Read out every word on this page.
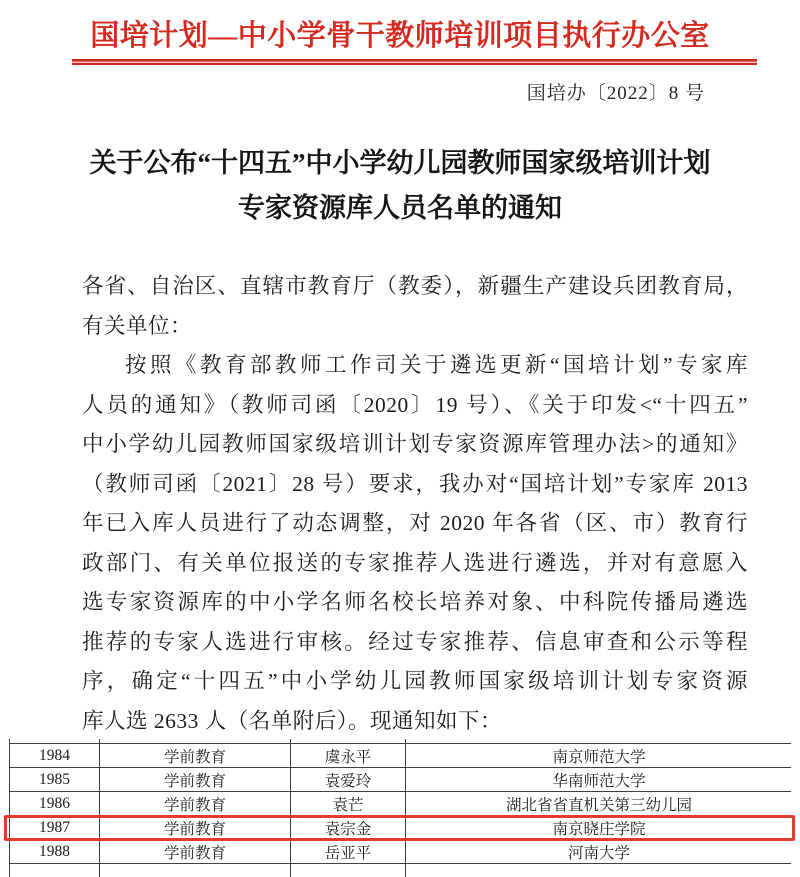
国培计划—中小学骨干教师培训项目执行办公室
国培办〔2022〕8 号
关于公布“十四五”中小学幼儿园教师国家级培训计划
专家资源库人员名单的通知
各省、自治区、直辖市教育厅（教委），新疆生产建设兵团教育局，
有关单位：
按照《教育部教师工作司关于遴选更新“国培计划”专家库
人员的通知》（教师司函〔2020〕19 号）、《关于印发<“十四五”
中小学幼儿园教师国家级培训计划专家资源库管理办法>的通知》
（教师司函〔2021〕28 号）要求，我办对“国培计划”专家库 2013
年已入库人员进行了动态调整，对 2020 年各省（区、市）教育行
政部门、有关单位报送的专家推荐人选进行遴选，并对有意愿入
选专家资源库的中小学名师名校长培养对象、中科院传播局遴选
推荐的专家人选进行审核。经过专家推荐、信息审查和公示等程
序，确定“十四五”中小学幼儿园教师国家级培训计划专家资源
库人选 2633 人（名单附后）。现通知如下：

1984	学前教育	虞永平	南京师范大学
1985	学前教育	袁爱玲	华南师范大学
1986	学前教育	袁芒	湖北省省直机关第三幼儿园
1987	学前教育	袁宗金	南京晓庄学院
1988	学前教育	岳亚平	河南大学
